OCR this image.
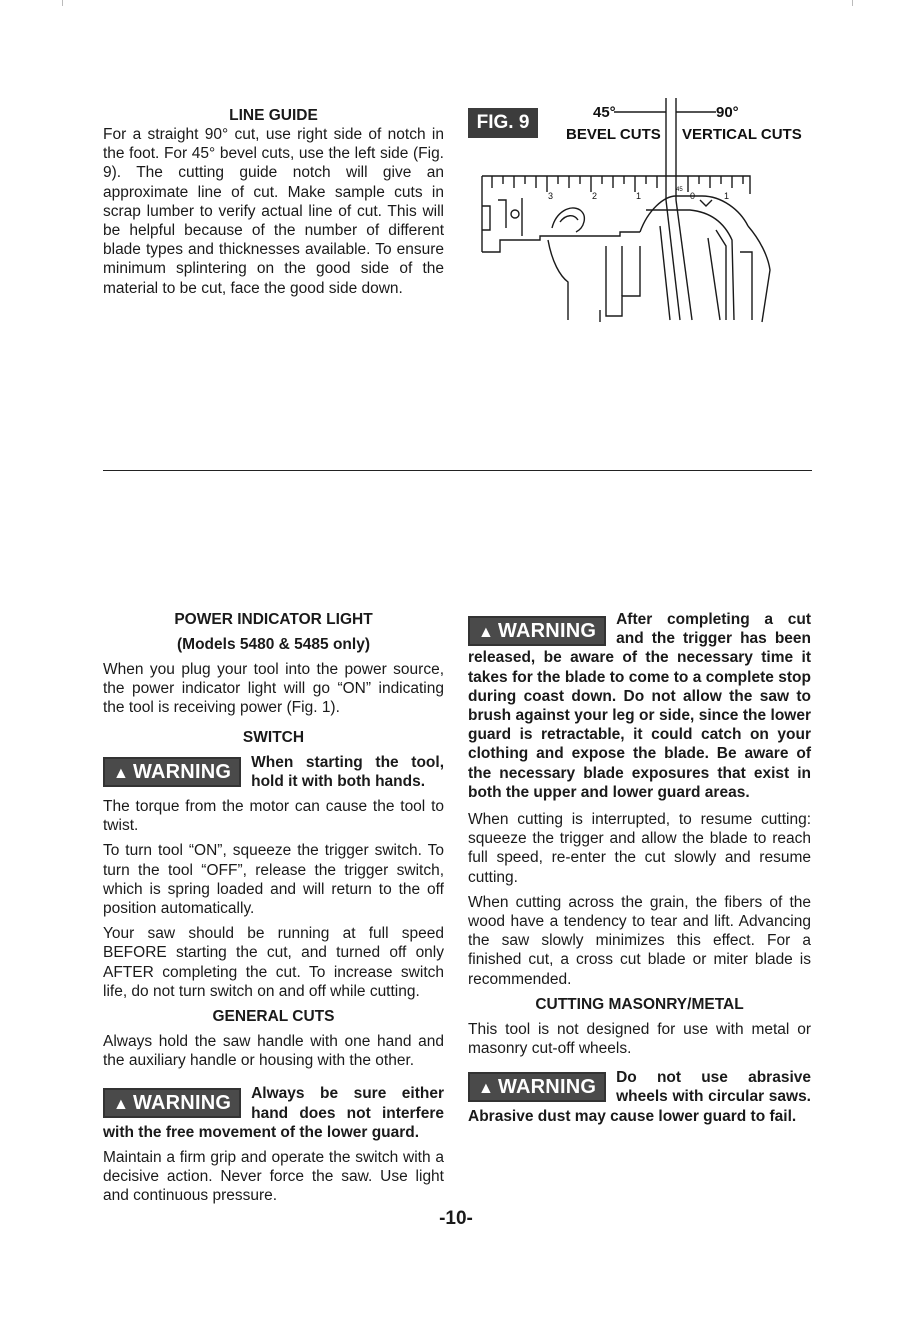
LINE GUIDE

For a straight 90° cut, use right side of notch in the foot. For 45° bevel cuts, use the left side (Fig. 9). The cutting guide notch will give an approximate line of cut. Make sample cuts in scrap lumber to verify actual line of cut. This will be helpful because of the number of different blade types and thicknesses available. To ensure minimum splintering on the good side of the material to be cut, face the good side down.

FIG. 9	45°
BEVEL CUTS
90°
VERTICAL CUTS
3	2	1
45
0	1

POWER INDICATOR LIGHT

(Models 5480 & 5485 only)

When you plug your tool into the power source, the power indicator light will go “ON” indicating the tool is receiving power (Fig. 1).

SWITCH

▲ WARNING	When starting the tool, hold it with both hands.

The torque from the motor can cause the tool to twist.

To turn tool “ON”, squeeze the trigger switch. To turn the tool “OFF”, release the trigger switch, which is spring loaded and will return to the off position automatically.

Your saw should be running at full speed BEFORE starting the cut, and turned off only AFTER completing the cut. To increase switch life, do not turn switch on and off while cutting.

GENERAL CUTS

Always hold the saw handle with one hand and the auxiliary handle or housing with the other.

▲ WARNING	Always be sure either hand does not interfere with the free movement of the lower guard.

Maintain a firm grip and operate the switch with a decisive action. Never force the saw. Use light and continuous pressure.

▲ WARNING
After completing a cut and the trigger has been released, be aware of the necessary time it takes for the blade to come to a complete stop during coast down. Do not allow the saw to brush against your leg or side, since the lower guard is retractable, it could catch on your clothing and expose the blade. Be aware of the necessary blade exposures that exist in both the upper and lower guard areas.

When cutting is interrupted, to resume cutting: squeeze the trigger and allow the blade to reach full speed, re-enter the cut slowly and resume cutting.

When cutting across the grain, the fibers of the wood have a tendency to tear and lift. Advancing the saw slowly minimizes this effect. For a finished cut, a cross cut blade or miter blade is recommended.

CUTTING MASONRY/METAL

This tool is not designed for use with metal or masonry cut-off wheels.

▲ WARNING	Do not use abrasive wheels with circular saws. Abrasive dust may cause lower guard to fail.
-10-
